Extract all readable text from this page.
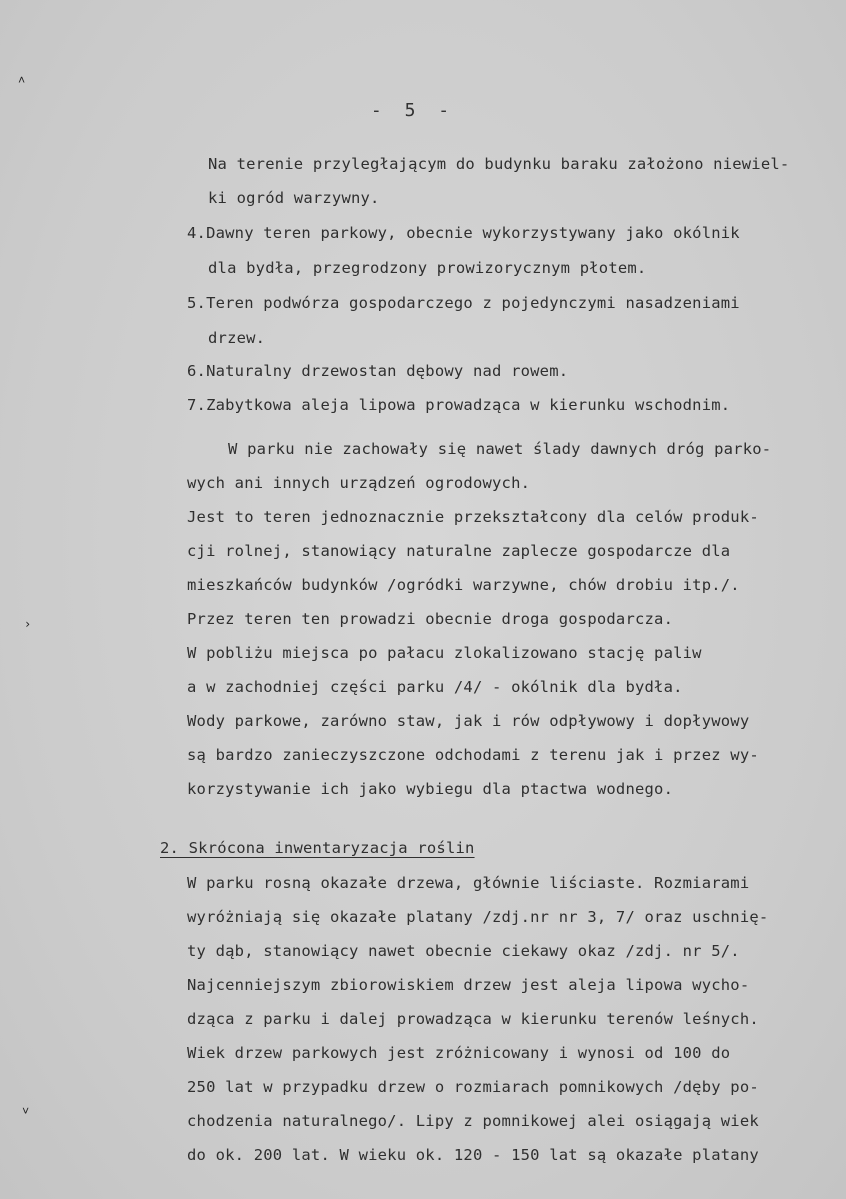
˄
›
˅
- 5 -
Na terenie przyległającym do budynku baraku założono niewiel-
ki ogród warzywny.
4.Dawny teren parkowy, obecnie wykorzystywany jako okólnik
dla bydła, przegrodzony prowizorycznym płotem.
5.Teren podwórza gospodarczego z pojedynczymi nasadzeniami
drzew.
6.Naturalny drzewostan dębowy nad rowem.
7.Zabytkowa aleja lipowa prowadząca w kierunku wschodnim.
W parku nie zachowały się nawet ślady dawnych dróg parko-
wych ani innych urządzeń ogrodowych.
Jest to teren jednoznacznie przekształcony dla celów produk-
cji rolnej, stanowiący naturalne zaplecze gospodarcze dla
mieszkańców budynków /ogródki warzywne, chów drobiu itp./.
Przez teren ten prowadzi obecnie droga gospodarcza.
W pobliżu miejsca po pałacu zlokalizowano stację paliw
a w zachodniej części parku /4/ - okólnik dla bydła.
Wody parkowe, zarówno staw, jak i rów odpływowy i dopływowy
są bardzo zanieczyszczone odchodami z terenu jak i przez wy-
korzystywanie ich jako wybiegu dla ptactwa wodnego.
2. Skrócona inwentaryzacja roślin
W parku rosną okazałe drzewa, głównie liściaste. Rozmiarami
wyróżniają się okazałe platany /zdj.nr nr 3, 7/ oraz uschnię-
ty dąb, stanowiący nawet obecnie ciekawy okaz /zdj. nr 5/.
Najcenniejszym zbiorowiskiem drzew jest aleja lipowa wycho-
dząca z parku i dalej prowadząca w kierunku terenów leśnych.
Wiek drzew parkowych jest zróżnicowany i wynosi od 100 do
250 lat w przypadku drzew o rozmiarach pomnikowych /dęby po-
chodzenia naturalnego/. Lipy z pomnikowej alei osiągają wiek
do ok. 200 lat. W wieku ok. 120 - 150 lat są okazałe platany
